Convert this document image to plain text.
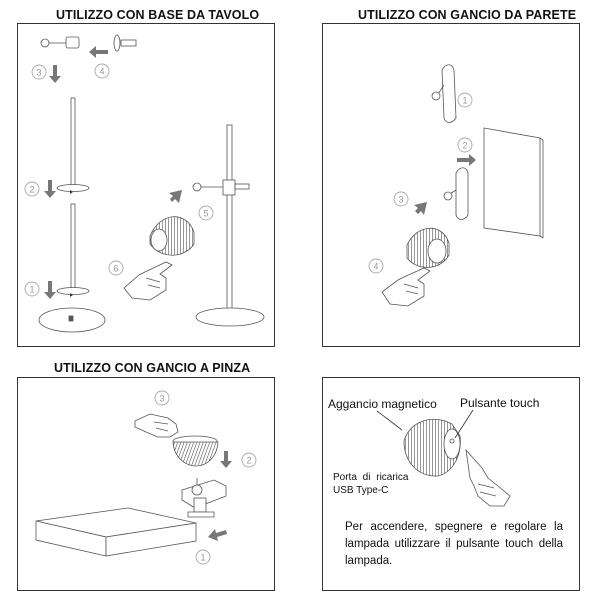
UTILIZZO CON BASE DA TAVOLO	UTILIZZO CON GANCIO DA PARETE
UTILIZZO CON GANCIO A PINZA
3	4
2
1
5
6
1
2
3
4
3
2
1
Aggancio magnetico Pulsante touch
Porta di ricarica
USB Type-C
Per accendere, spegnere e regolare la lampada utilizzare il pulsante touch della lampada.
